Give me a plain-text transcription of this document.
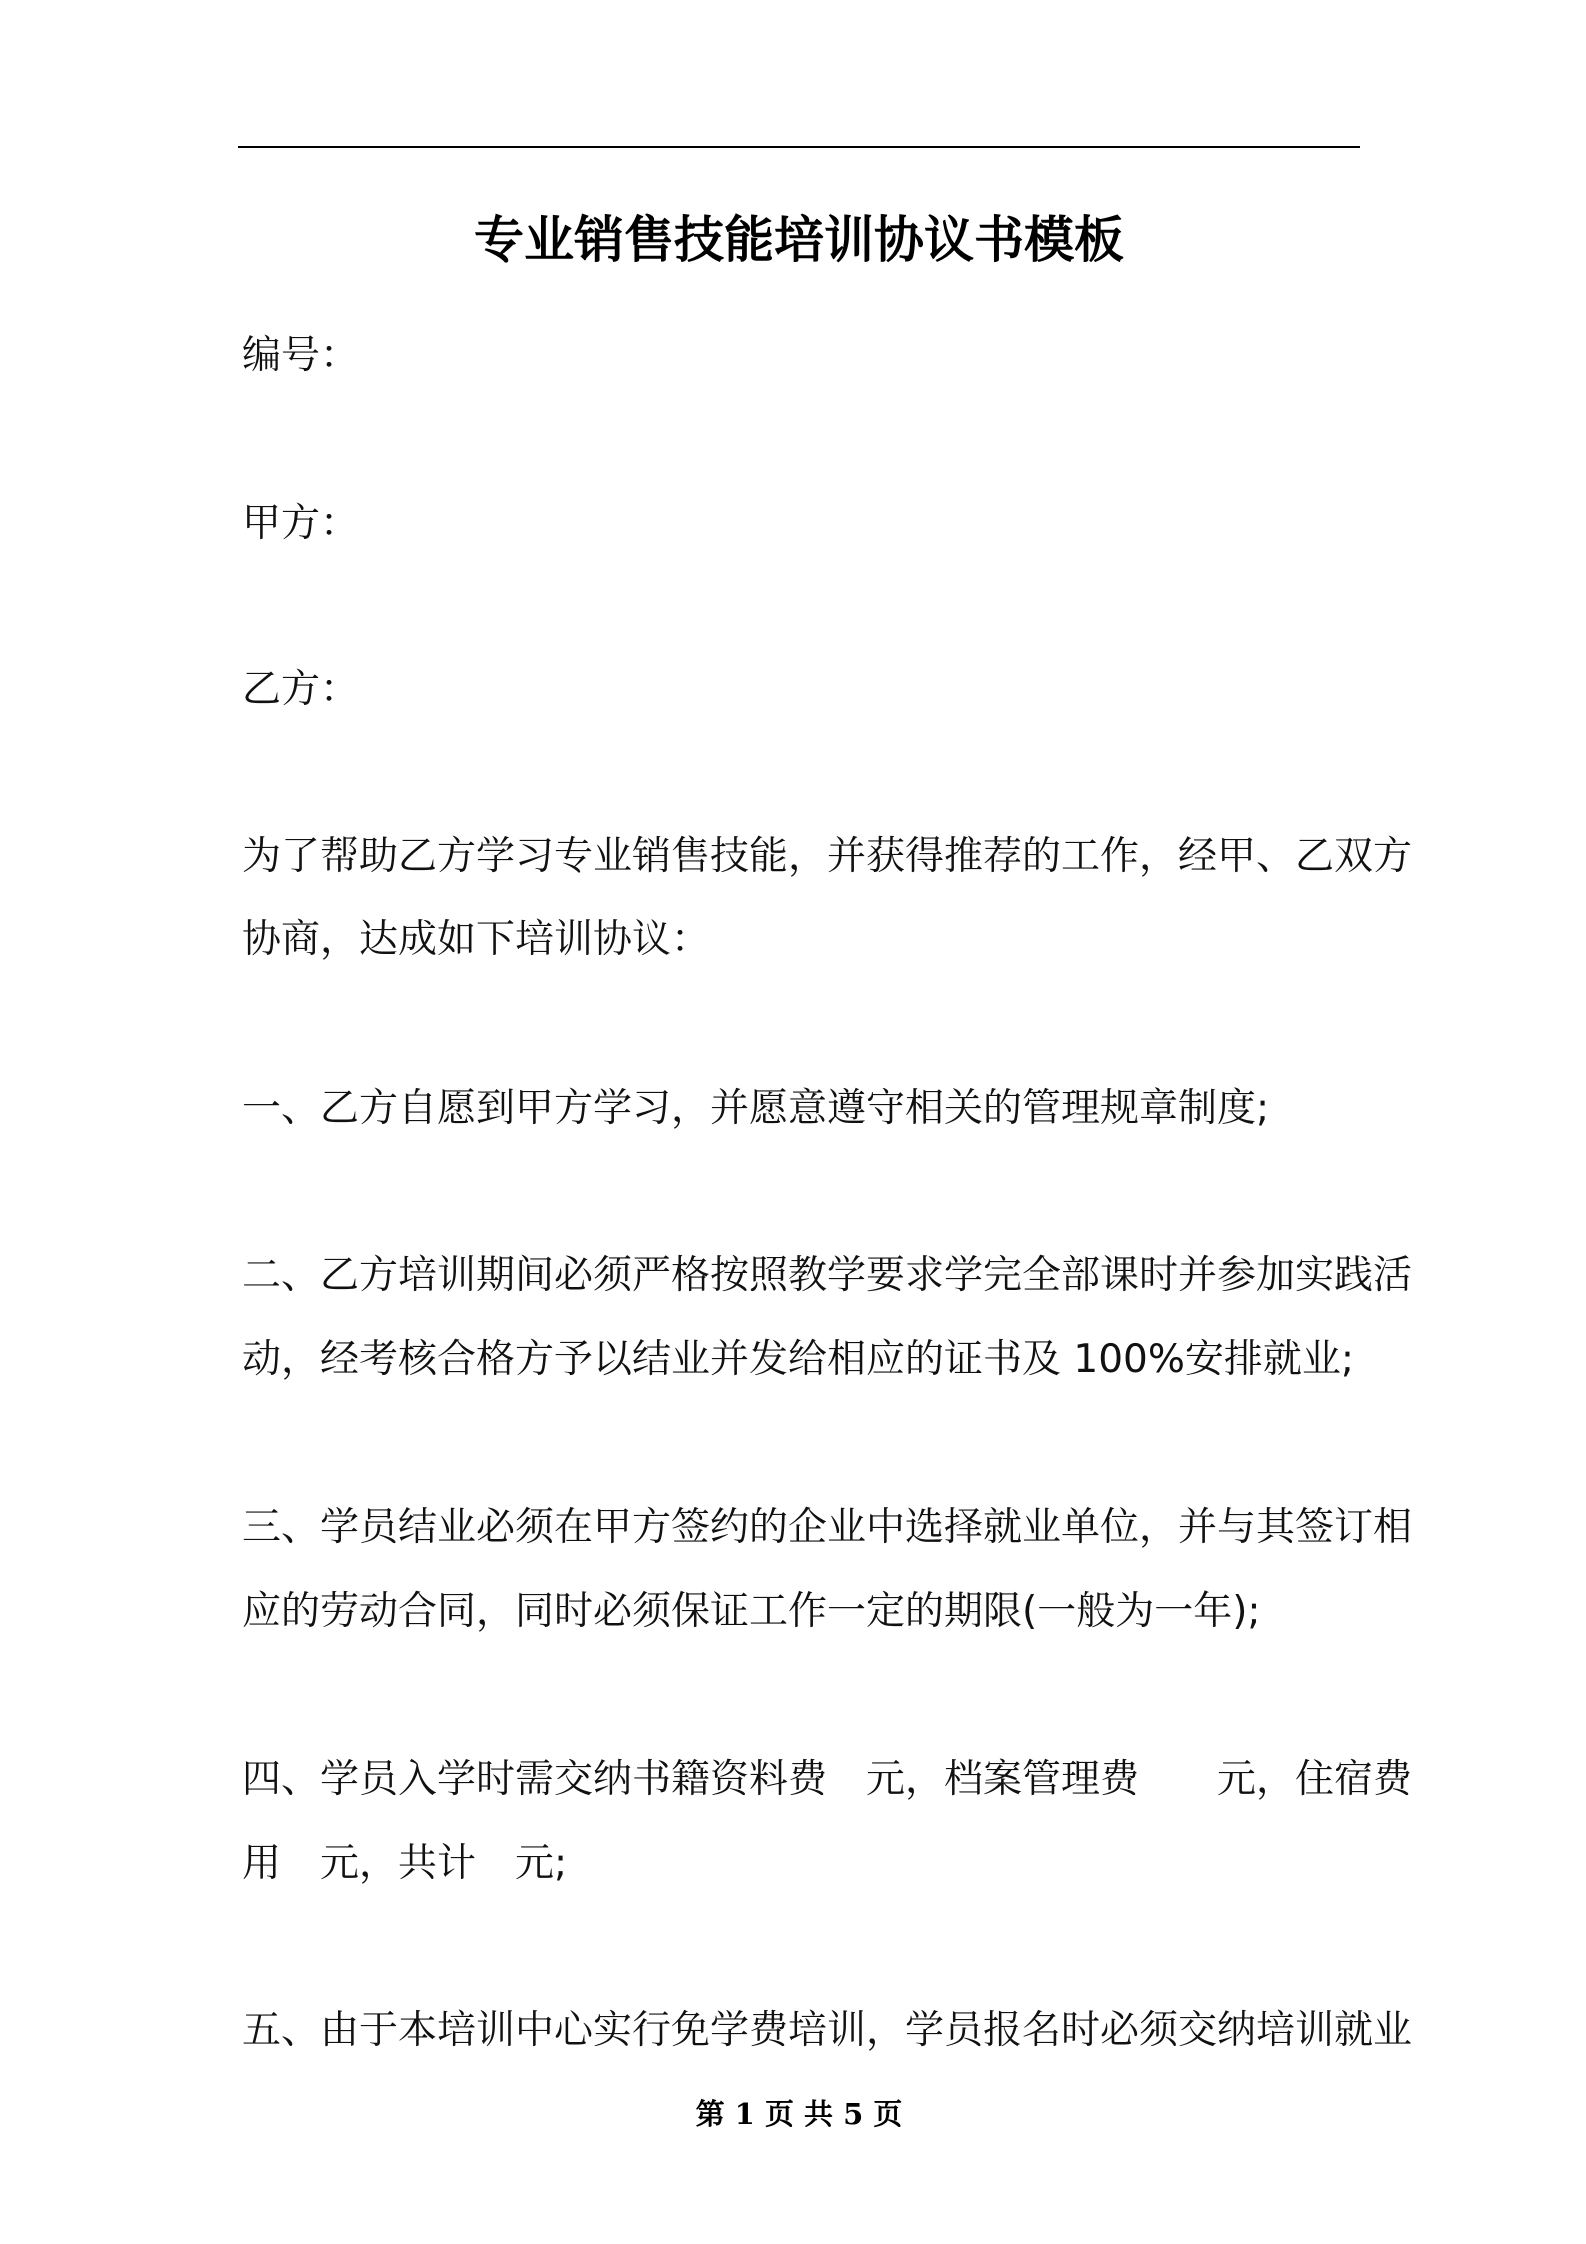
专业销售技能培训协议书模板
编号：
甲方：
乙方：
为了帮助乙方学习专业销售技能，并获得推荐的工作，经甲、乙双方
协商，达成如下培训协议：
一、乙方自愿到甲方学习，并愿意遵守相关的管理规章制度;
二、乙方培训期间必须严格按照教学要求学完全部课时并参加实践活
动，经考核合格方予以结业并发给相应的证书及 100%安排就业;
三、学员结业必须在甲方签约的企业中选择就业单位，并与其签订相
应的劳动合同，同时必须保证工作一定的期限(一般为一年);
四、学员入学时需交纳书籍资料费　元，档案管理费　　元，住宿费
用　元，共计　元;
五、由于本培训中心实行免学费培训，学员报名时必须交纳培训就业
第 1 页 共 5 页
